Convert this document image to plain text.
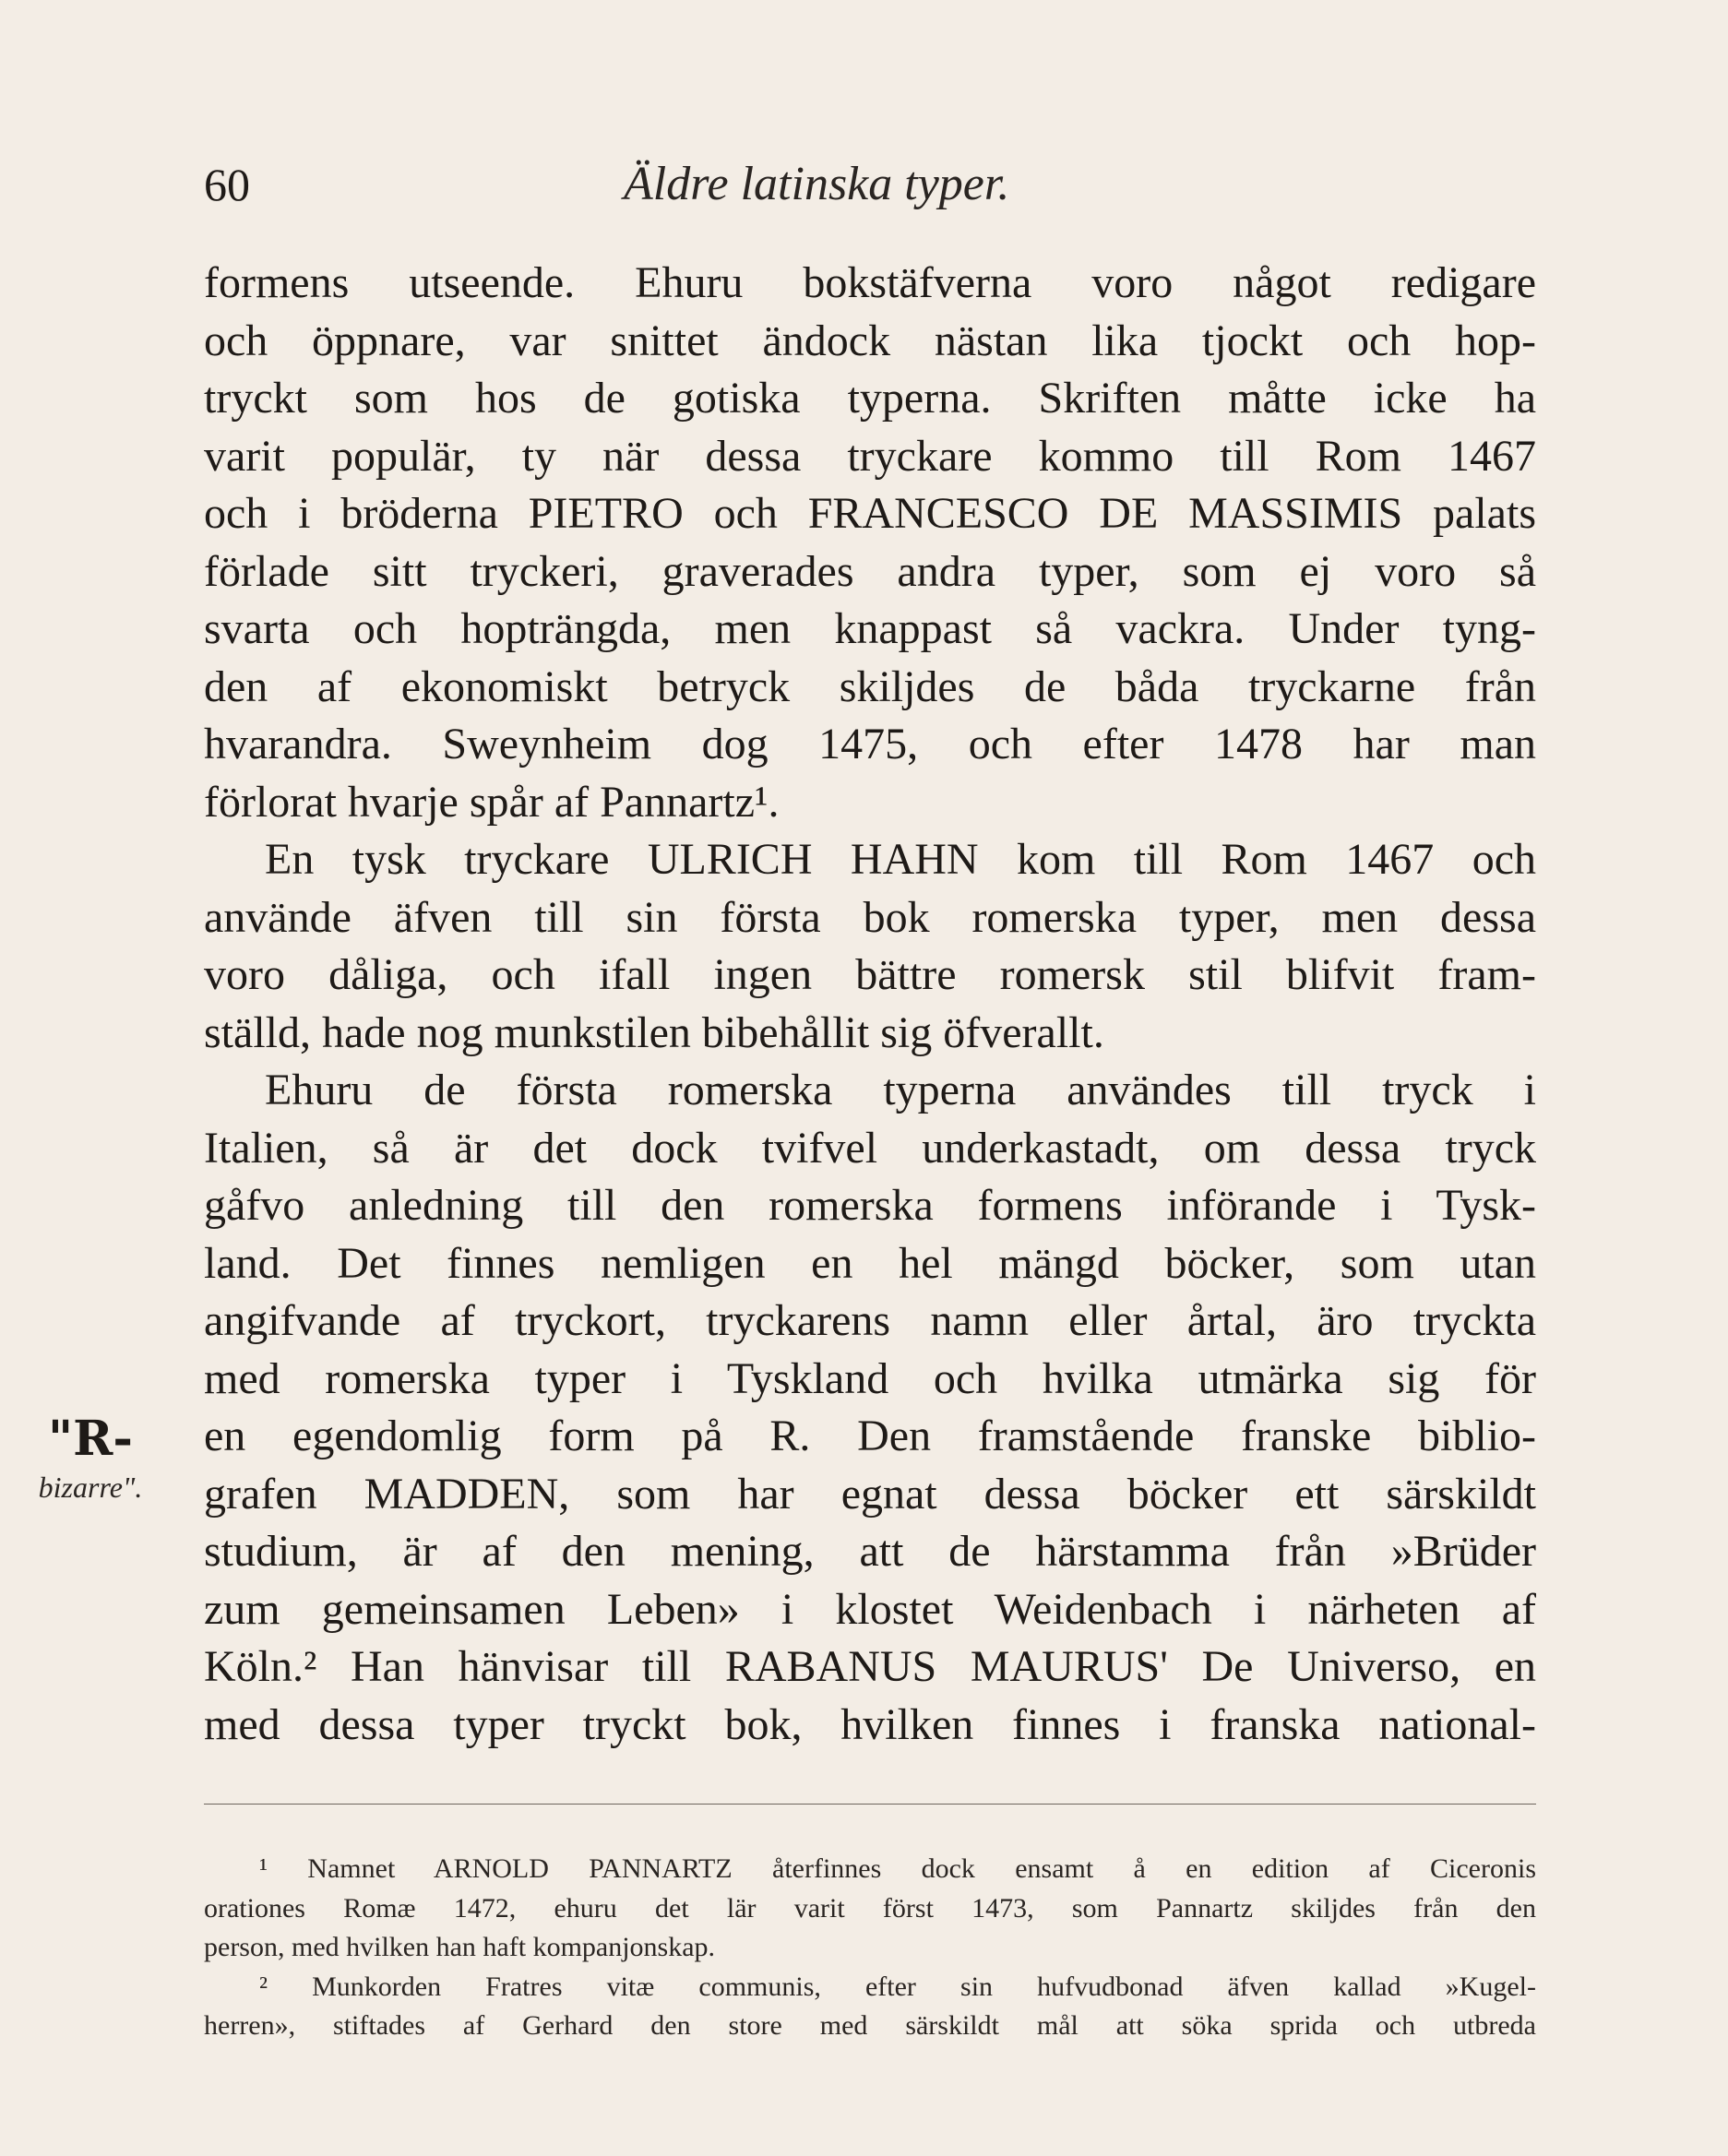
60	Äldre latinska typer.
formens utseende. Ehuru bokstäfverna voro något redigare
och öppnare, var snittet ändock nästan lika tjockt och hop-
tryckt som hos de gotiska typerna. Skriften måtte icke ha
varit populär, ty när dessa tryckare kommo till Rom 1467
och i bröderna PIETRO och FRANCESCO DE MASSIMIS palats
förlade sitt tryckeri, graverades andra typer, som ej voro så
svarta och hopträngda, men knappast så vackra. Under tyng-
den af ekonomiskt betryck skiljdes de båda tryckarne från
hvarandra. Sweynheim dog 1475, och efter 1478 har man
förlorat hvarje spår af Pannartz¹.
En tysk tryckare ULRICH HAHN kom till Rom 1467 och
använde äfven till sin första bok romerska typer, men dessa
voro dåliga, och ifall ingen bättre romersk stil blifvit fram-
ställd, hade nog munkstilen bibehållit sig öfverallt.
Ehuru de första romerska typerna användes till tryck i
Italien, så är det dock tvifvel underkastadt, om dessa tryck
gåfvo anledning till den romerska formens införande i Tysk-
land. Det finnes nemligen en hel mängd böcker, som utan
angifvande af tryckort, tryckarens namn eller årtal, äro tryckta
med romerska typer i Tyskland och hvilka utmärka sig för
en egendomlig form på R. Den framstående franske biblio-
grafen MADDEN, som har egnat dessa böcker ett särskildt
studium, är af den mening, att de härstamma från »Brüder
zum gemeinsamen Leben» i klostet Weidenbach i närheten af
Köln.² Han hänvisar till RABANUS MAURUS' De Universo, en
med dessa typer tryckt bok, hvilken finnes i franska national-
"R-
bizarre".
¹ Namnet ARNOLD PANNARTZ återfinnes dock ensamt å en edition af Ciceronis
orationes Romæ 1472, ehuru det lär varit först 1473, som Pannartz skiljdes från den
person, med hvilken han haft kompanjonskap.
² Munkorden Fratres vitæ communis, efter sin hufvudbonad äfven kallad »Kugel-
herren», stiftades af Gerhard den store med särskildt mål att söka sprida och utbreda
